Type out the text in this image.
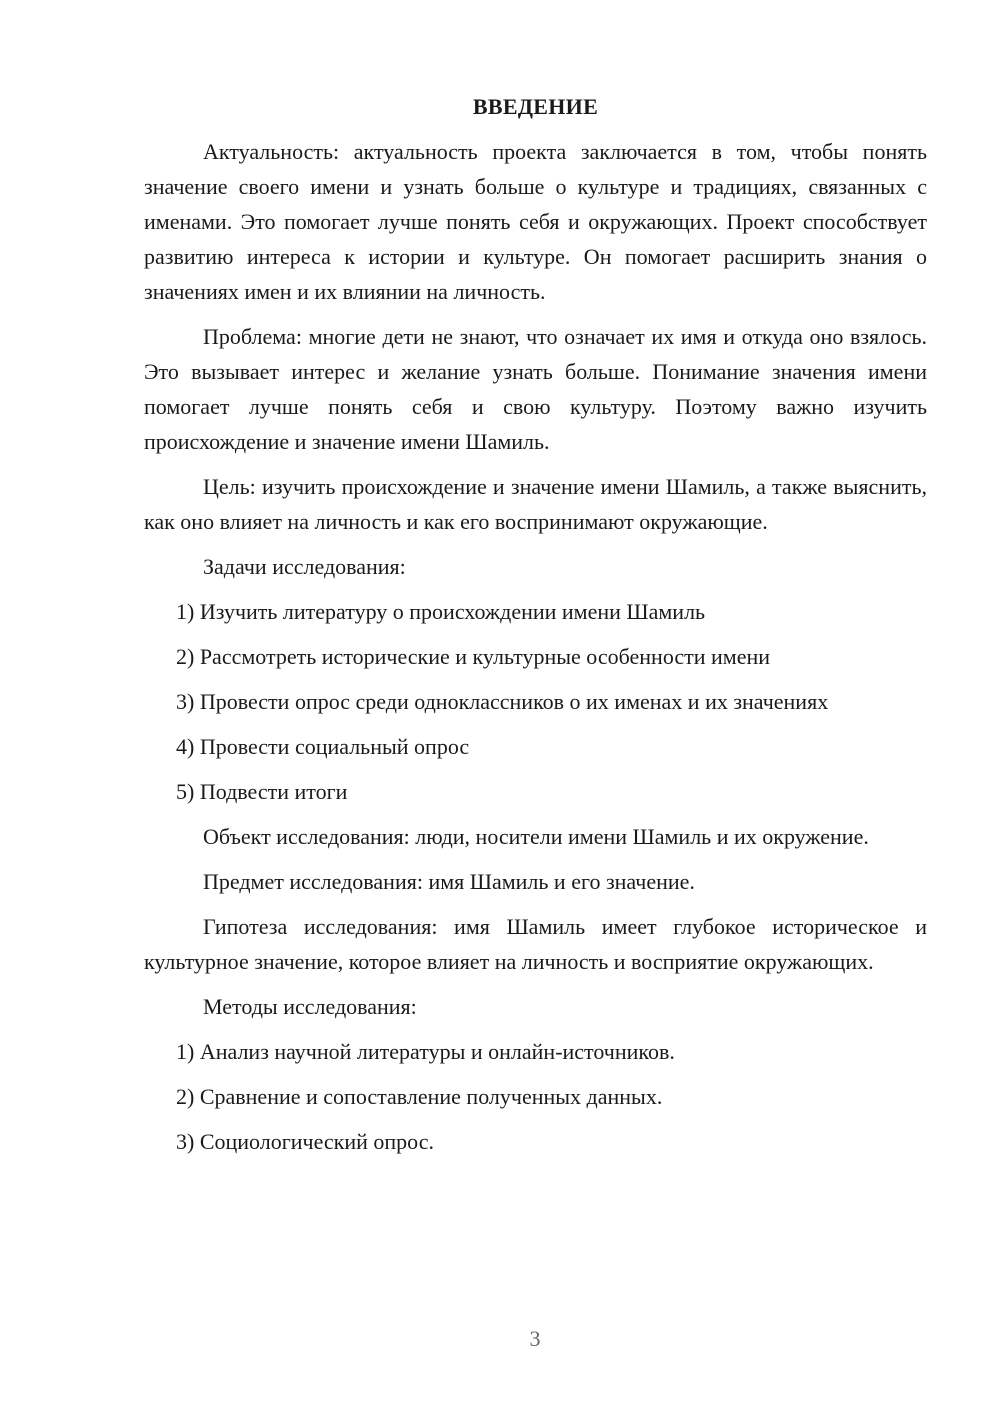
ВВЕДЕНИЕ

Актуальность: актуальность проекта заключается в том, чтобы понять значение своего имени и узнать больше о культуре и традициях, связанных с именами. Это помогает лучше понять себя и окружающих. Проект способствует развитию интереса к истории и культуре. Он помогает расширить знания о значениях имен и их влиянии на личность.

Проблема: многие дети не знают, что означает их имя и откуда оно взялось. Это вызывает интерес и желание узнать больше. Понимание значения имени помогает лучше понять себя и свою культуру. Поэтому важно изучить происхождение и значение имени Шамиль.

Цель: изучить происхождение и значение имени Шамиль, а также выяснить, как оно влияет на личность и как его воспринимают окружающие.

Задачи исследования:

1) Изучить литературу о происхождении имени Шамиль
2) Рассмотреть исторические и культурные особенности имени
3) Провести опрос среди одноклассников о их именах и их значениях
4) Провести социальный опрос
5) Подвести итоги

Объект исследования: люди, носители имени Шамиль и их окружение.

Предмет исследования: имя Шамиль и его значение.

Гипотеза исследования: имя Шамиль имеет глубокое историческое и культурное значение, которое влияет на личность и восприятие окружающих.

Методы исследования:

1) Анализ научной литературы и онлайн-источников.
2) Сравнение и сопоставление полученных данных.
3) Социологический опрос.
3
